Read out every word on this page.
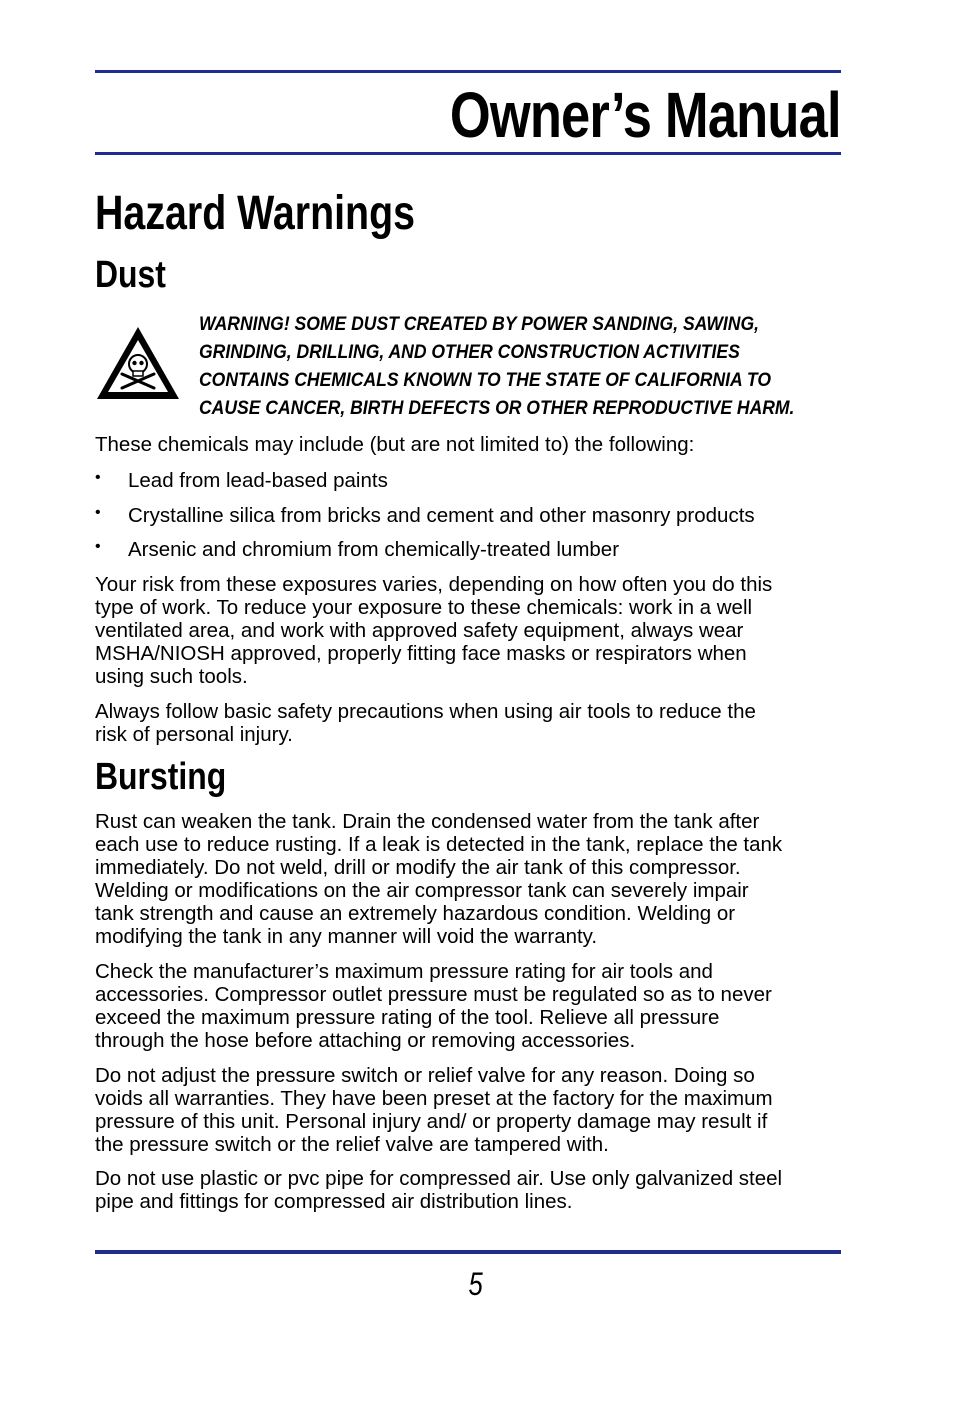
Owner’s Manual
Hazard Warnings
Dust
WARNING! SOME DUST CREATED BY POWER SANDING, SAWING,
GRINDING, DRILLING, AND OTHER CONSTRUCTION ACTIVITIES
CONTAINS CHEMICALS KNOWN TO THE STATE OF CALIFORNIA TO
CAUSE CANCER, BIRTH DEFECTS OR OTHER REPRODUCTIVE HARM.

These chemicals may include (but are not limited to) the following:

• Lead from lead-based paints
• Crystalline silica from bricks and cement and other masonry products
• Arsenic and chromium from chemically-treated lumber
Your risk from these exposures varies, depending on how often you do this
type of work. To reduce your exposure to these chemicals: work in a well
ventilated area, and work with approved safety equipment, always wear
MSHA/NIOSH approved, properly fitting face masks or respirators when
using such tools.
Always follow basic safety precautions when using air tools to reduce the
risk of personal injury.
Bursting
Rust can weaken the tank. Drain the condensed water from the tank after
each use to reduce rusting. If a leak is detected in the tank, replace the tank
immediately. Do not weld, drill or modify the air tank of this compressor.
Welding or modifications on the air compressor tank can severely impair
tank strength and cause an extremely hazardous condition. Welding or
modifying the tank in any manner will void the warranty.
Check the manufacturer’s maximum pressure rating for air tools and
accessories. Compressor outlet pressure must be regulated so as to never
exceed the maximum pressure rating of the tool. Relieve all pressure
through the hose before attaching or removing accessories.
Do not adjust the pressure switch or relief valve for any reason. Doing so
voids all warranties. They have been preset at the factory for the maximum
pressure of this unit. Personal injury and/ or property damage may result if
the pressure switch or the relief valve are tampered with.
Do not use plastic or pvc pipe for compressed air. Use only galvanized steel
pipe and fittings for compressed air distribution lines.
5
